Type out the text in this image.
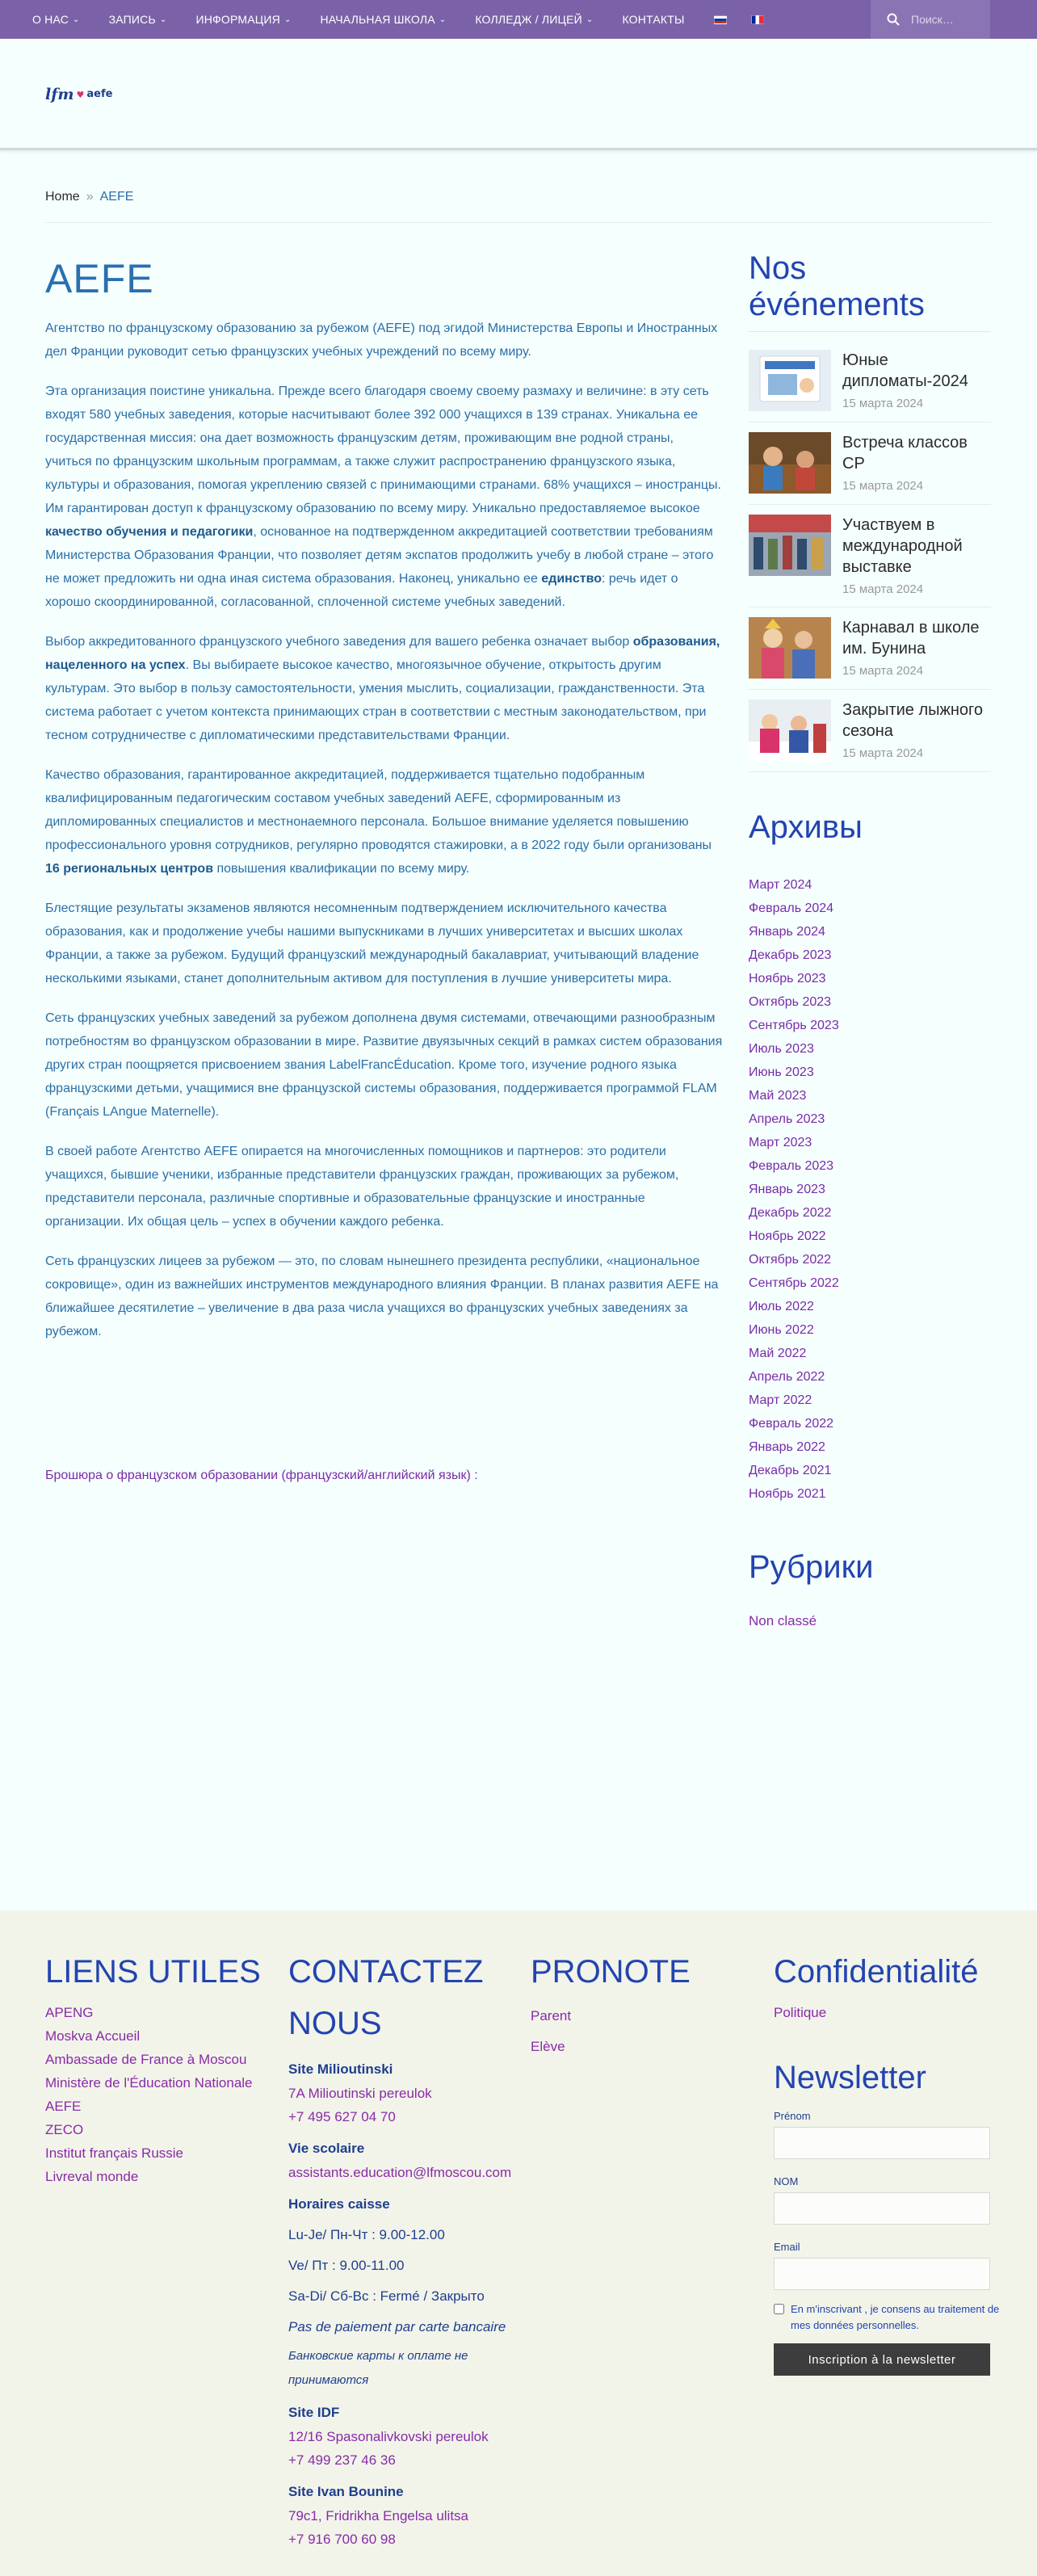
О НАС ⌄	ЗАПИСЬ ⌄	ИНФОРМАЦИЯ ⌄	НАЧАЛЬНАЯ ШКОЛА ⌄	КОЛЛЕДЖ / ЛИЦЕЙ ⌄	КОНТАКТЫ
Поиск…
lfm ♥ aefe
Home » AEFE
AEFE

Агентство по французскому образованию за рубежом (AEFE) под эгидой Министерства Европы и Иностранных дел Франции руководит сетью французских учебных учреждений по всему миру.

Эта организация поистине уникальна. Прежде всего благодаря своему своему размаху и величине: в эту сеть входят 580 учебных заведения, которые насчитывают более 392 000 учащихся в 139 странах. Уникальна ее государственная миссия: она дает возможность французским детям, проживающим вне родной страны, учиться по французским школьным программам, а также служит распространению французского языка, культуры и образования, помогая укреплению связей с принимающими странами. 68% учащихся – иностранцы. Им гарантирован доступ к французскому образованию по всему миру. Уникально предоставляемое высокое качество обучения и педагогики, основанное на подтвержденном аккредитацией соответствии требованиям Министерства Образования Франции, что позволяет детям экспатов продолжить учебу в любой стране – этого не может предложить ни одна иная система образования. Наконец, уникально ее единство: речь идет о хорошо скоординированной, согласованной, сплоченной системе учебных заведений.

Выбор аккредитованного французского учебного заведения для вашего ребенка означает выбор образования, нацеленного на успех. Вы выбираете высокое качество, многоязычное обучение, открытость другим культурам. Это выбор в пользу самостоятельности, умения мыслить, социализации, гражданственности. Эта система работает с учетом контекста принимающих стран в соответствии с местным законодательством, при тесном сотрудничестве с дипломатическими представительствами Франции.

Качество образования, гарантированное аккредитацией, поддерживается тщательно подобранным квалифицированным педагогическим составом учебных заведений AEFE, сформированным из дипломированных специалистов и местнонаемного персонала. Большое внимание уделяется повышению профессионального уровня сотрудников, регулярно проводятся стажировки, а в 2022 году были организованы 16 региональных центров повышения квалификации по всему миру.

Блестящие результаты экзаменов являются несомненным подтверждением исключительного качества образования, как и продолжение учебы нашими выпускниками в лучших университетах и высших школах Франции, а также за рубежом. Будущий французский международный бакалавриат, учитывающий владение несколькими языками, станет дополнительным активом для поступления в лучшие университеты мира.

Сеть французских учебных заведений за рубежом дополнена двумя системами, отвечающими разнообразным потребностям во французском образовании в мире. Развитие двуязычных секций в рамках систем образования других стран поощряется присвоением звания LabelFrancÉducation. Кроме того, изучение родного языка французскими детьми, учащимися вне французской системы образования, поддерживается программой FLAM (Français LAngue Maternelle).

В своей работе Агентство AEFE опирается на многочисленных помощников и партнеров: это родители учащихся, бывшие ученики, избранные представители французских граждан, проживающих за рубежом, представители персонала, различные спортивные и образовательные французские и иностранные организации. Их общая цель – успех в обучении каждого ребенка.

Сеть французских лицеев за рубежом — это, по словам нынешнего президента республики, «национальное сокровище», один из важнейших инструментов международного влияния Франции. В планах развития AEFE на ближайшее десятилетие – увеличение в два раза числа учащихся во французских учебных заведениях за рубежом.

Брошюра о французском образовании (французский/английский язык) :
Nos événements
Юные дипломаты-2024
15 марта 2024
Встреча классов СР
15 марта 2024
Участвуем в международной выставке
15 марта 2024
Карнавал в школе им. Бунина
15 марта 2024
Закрытие лыжного сезона
15 марта 2024
Архивы
Март 2024
Февраль 2024
Январь 2024
Декабрь 2023
Ноябрь 2023
Октябрь 2023
Сентябрь 2023
Июль 2023
Июнь 2023
Май 2023
Апрель 2023
Март 2023
Февраль 2023
Январь 2023
Декабрь 2022
Ноябрь 2022
Октябрь 2022
Сентябрь 2022
Июль 2022
Июнь 2022
Май 2022
Апрель 2022
Март 2022
Февраль 2022
Январь 2022
Декабрь 2021
Ноябрь 2021
Рубрики
Non classé
LIENS UTILES
APENG
Moskva Accueil
Ambassade de France à Moscou
Ministère de l'Éducation Nationale
AEFE
ZECO
Institut français Russie
Livreval monde
CONTACTEZ NOUS
Site Milioutinski
7A Milioutinski pereulok
+7 495 627 04 70
Vie scolaire
assistants.education@lfmoscou.com
Horaires caisse
Lu-Je/ Пн-Чт : 9.00-12.00
Ve/ Пт : 9.00-11.00
Sa-Di/ Сб-Вс : Fermé / Закрыто
Pas de paiement par carte bancaire
Банковские карты к оплате не принимаются
Site IDF
12/16 Spasonalivkovski pereulok
+7 499 237 46 36
Site Ivan Bounine
79c1, Fridrikha Engelsa ulitsa
+7 916 700 60 98
PRONOTE
Parent
Elève
Confidentialité
Politique
Newsletter
Prénom
NOM
Email
En m'inscrivant , je consens au traitement de mes données personnelles.
Inscription à la newsletter
